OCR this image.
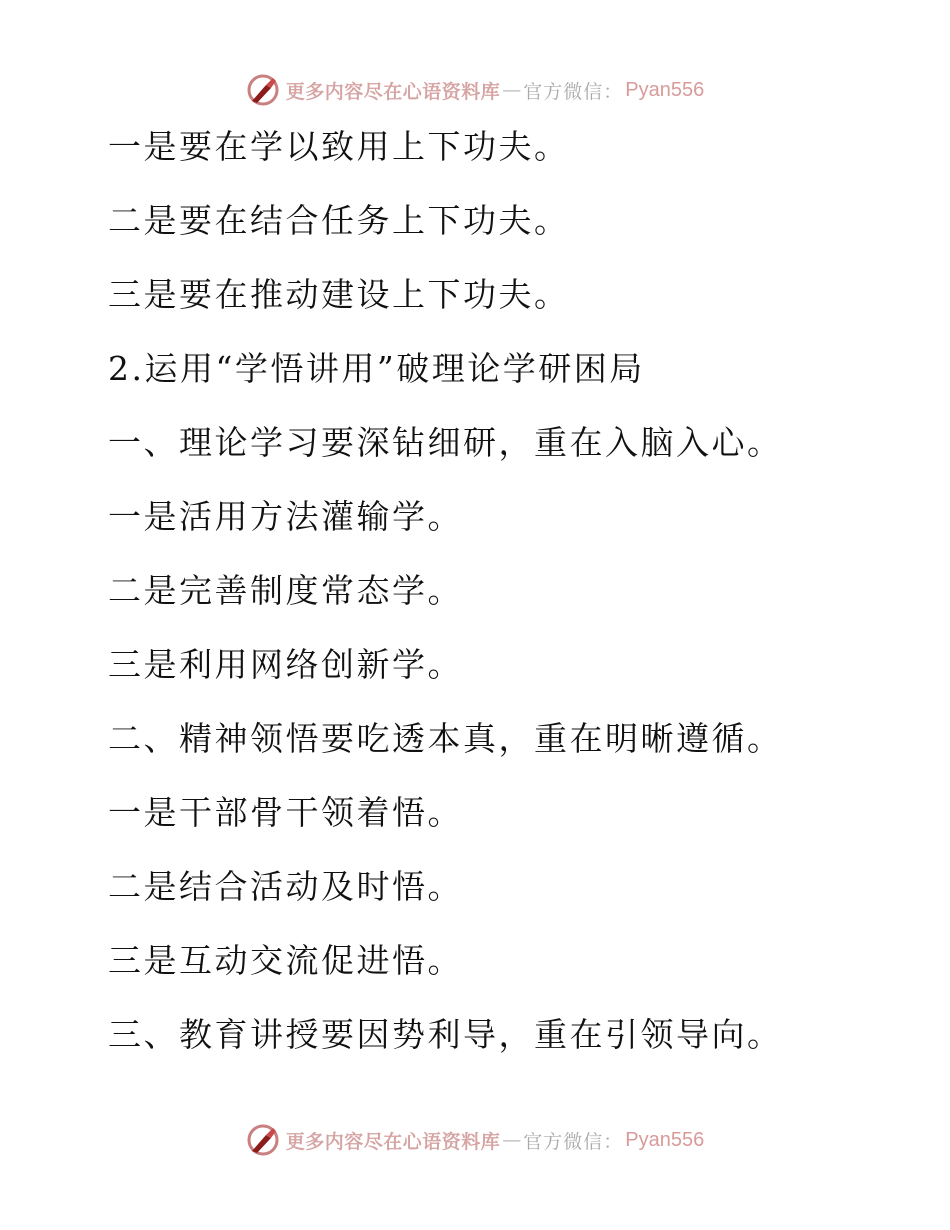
更多内容尽在心语资料库 — 官方微信： Pyan556
一是要在学以致用上下功夫。
二是要在结合任务上下功夫。
三是要在推动建设上下功夫。
2.运用“学悟讲用”破理论学研困局
一、理论学习要深钻细研，重在入脑入心。
一是活用方法灌输学。
二是完善制度常态学。
三是利用网络创新学。
二、精神领悟要吃透本真，重在明晰遵循。
一是干部骨干领着悟。
二是结合活动及时悟。
三是互动交流促进悟。
三、教育讲授要因势利导，重在引领导向。
更多内容尽在心语资料库 — 官方微信： Pyan556
